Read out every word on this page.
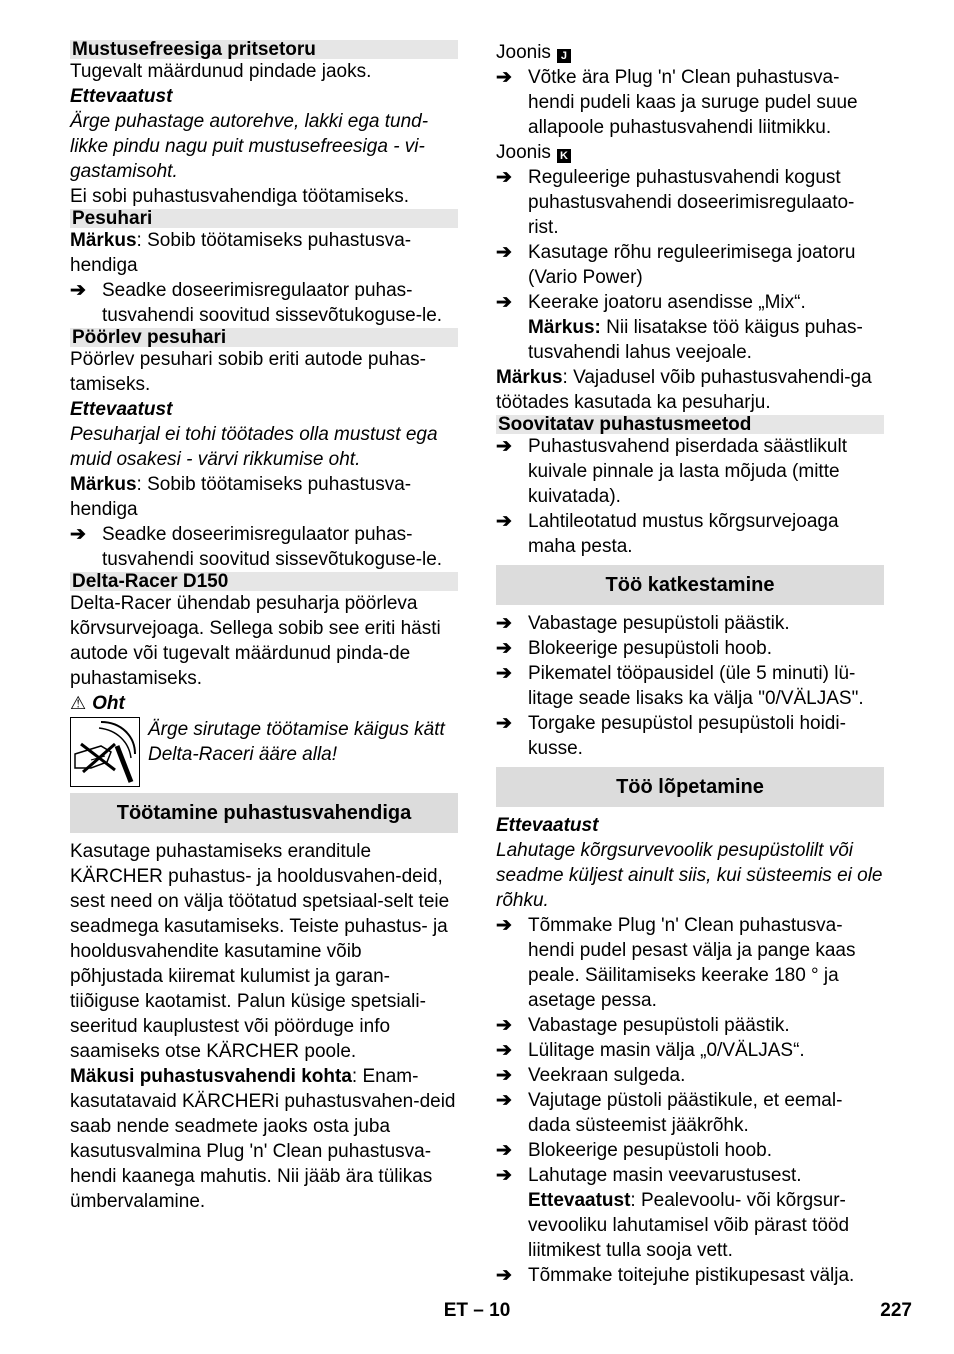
Mustusefreesiga pritsetoru

Tugevalt määrdunud pindade jaoks.

Ettevaatust

Ärge puhastage autorehve, lakki ega tund-likke pindu nagu puit mustusefreesiga - vi-gastamisoht.

Ei sobi puhastusvahendiga töötamiseks.

Pesuhari

Märkus: Sobib töötamiseks puhastusva-hendiga

➔ Seadke doseerimisregulaator puhas-tusvahendi soovitud sissevõtukoguse-le.

Pöörlev pesuhari

Pöörlev pesuhari sobib eriti autode puhas-tamiseks.

Ettevaatust

Pesuharjal ei tohi töötades olla mustust ega muid osakesi - värvi rikkumise oht.

Märkus: Sobib töötamiseks puhastusva-hendiga

➔ Seadke doseerimisregulaator puhas-tusvahendi soovitud sissevõtukoguse-le.

Delta-Racer D150

Delta-Racer ühendab pesuharja pöörleva kõrvsurvejoaga. Sellega sobib see eriti hästi autode või tugevalt määrdunud pinda-de puhastamiseks.

⚠ Oht

Ärge sirutage töötamise käigus kätt Delta-Raceri ääre alla!

Töötamine puhastusvahendiga

Kasutage puhastamiseks eranditule KÄRCHER puhastus- ja hooldusvahen-deid, sest need on välja töötatud spetsiaal-selt teie seadmega kasutamiseks. Teiste puhastus- ja hooldusvahendite kasutamine võib põhjustada kiiremat kulumist ja garan-tiiõiguse kaotamist. Palun küsige spetsiali-seeritud kauplustest või pöörduge info saamiseks otse KÄRCHER poole.

Mäkusi puhastusvahendi kohta: Enam-kasutatavaid KÄRCHERi puhastusvahen-deid saab nende seadmete jaoks osta juba kasutusvalmina Plug 'n' Clean puhastusva-hendi kaanega mahutis. Nii jääb ära tülikas ümbervalamine.

Joonis J

➔ Võtke ära Plug 'n' Clean puhastusva-hendi pudeli kaas ja suruge pudel suue allapoole puhastusvahendi liitmikku.

Joonis K

➔ Reguleerige puhastusvahendi kogust puhastusvahendi doseerimisregulaato-rist.

➔ Kasutage rõhu reguleerimisega joatoru (Vario Power)

➔ Keerake joatoru asendisse „Mix“.
Märkus: Nii lisatakse töö käigus puhas-tusvahendi lahus veejoale.

Märkus: Vajadusel võib puhastusvahendi-ga töötades kasutada ka pesuharju.

Soovitatav puhastusmeetod

➔ Puhastusvahend piserdada säästlikult kuivale pinnale ja lasta mõjuda (mitte kuivatada).

➔ Lahtileotatud mustus kõrgsurvejoaga maha pesta.

Töö katkestamine

➔ Vabastage pesupüstoli päästik.

➔ Blokeerige pesupüstoli hoob.

➔ Pikematel tööpausidel (üle 5 minuti) lü-litage seade lisaks ka välja "0/VÄLJAS".

➔ Torgake pesupüstol pesupüstoli hoidi-kusse.

Töö lõpetamine

Ettevaatust

Lahutage kõrgsurvevoolik pesupüstolilt või seadme küljest ainult siis, kui süsteemis ei ole rõhku.

➔ Tõmmake Plug 'n' Clean puhastusva-hendi pudel pesast välja ja pange kaas peale. Säilitamiseks keerake 180 ° ja asetage pessa.

➔ Vabastage pesupüstoli päästik.

➔ Lülitage masin välja „0/VÄLJAS“.

➔ Veekraan sulgeda.

➔ Vajutage püstoli päästikule, et eemal-dada süsteemist jääkrõhk.

➔ Blokeerige pesupüstoli hoob.

➔ Lahutage masin veevarustusest.
Ettevaatust: Pealevoolu- või kõrgsur-vevooliku lahutamisel võib pärast tööd liitmikest tulla sooja vett.

➔ Tõmmake toitejuhe pistikupesast välja.

ET – 10	227
